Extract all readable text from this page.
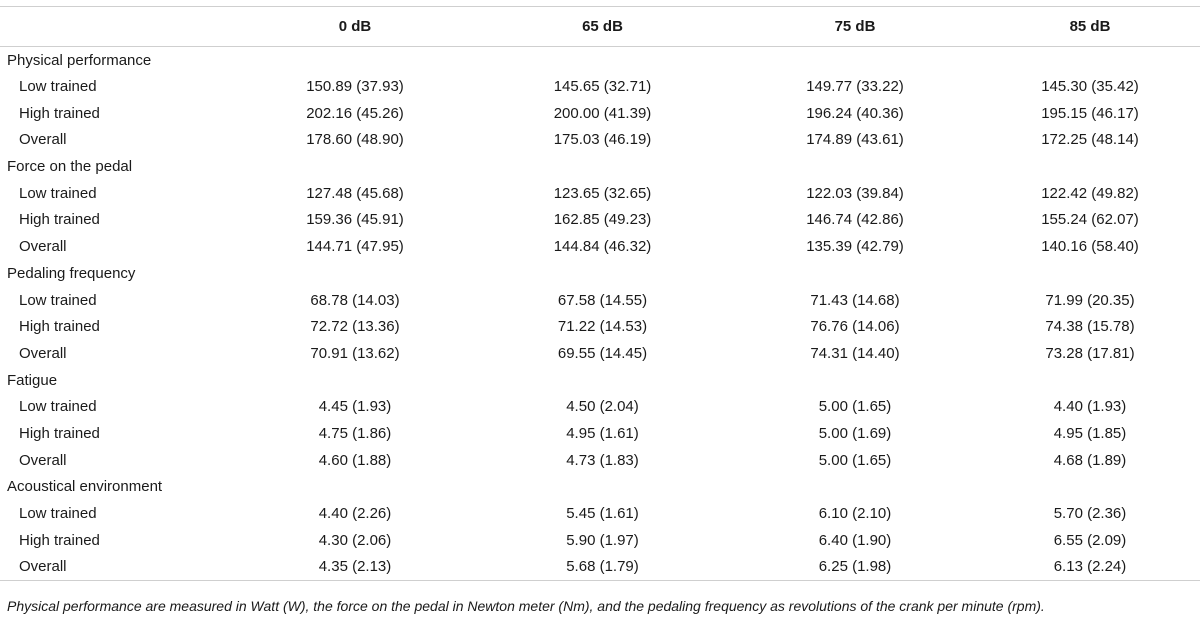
	0 dB	65 dB	75 dB	85 dB
Physical performance				
Low trained	150.89 (37.93)	145.65 (32.71)	149.77 (33.22)	145.30 (35.42)
High trained	202.16 (45.26)	200.00 (41.39)	196.24 (40.36)	195.15 (46.17)
Overall	178.60 (48.90)	175.03 (46.19)	174.89 (43.61)	172.25 (48.14)
Force on the pedal				
Low trained	127.48 (45.68)	123.65 (32.65)	122.03 (39.84)	122.42 (49.82)
High trained	159.36 (45.91)	162.85 (49.23)	146.74 (42.86)	155.24 (62.07)
Overall	144.71 (47.95)	144.84 (46.32)	135.39 (42.79)	140.16 (58.40)
Pedaling frequency				
Low trained	68.78 (14.03)	67.58 (14.55)	71.43 (14.68)	71.99 (20.35)
High trained	72.72 (13.36)	71.22 (14.53)	76.76 (14.06)	74.38 (15.78)
Overall	70.91 (13.62)	69.55 (14.45)	74.31 (14.40)	73.28 (17.81)
Fatigue				
Low trained	4.45 (1.93)	4.50 (2.04)	5.00 (1.65)	4.40 (1.93)
High trained	4.75 (1.86)	4.95 (1.61)	5.00 (1.69)	4.95 (1.85)
Overall	4.60 (1.88)	4.73 (1.83)	5.00 (1.65)	4.68 (1.89)
Acoustical environment				
Low trained	4.40 (2.26)	5.45 (1.61)	6.10 (2.10)	5.70 (2.36)
High trained	4.30 (2.06)	5.90 (1.97)	6.40 (1.90)	6.55 (2.09)
Overall	4.35 (2.13)	5.68 (1.79)	6.25 (1.98)	6.13 (2.24)
Physical performance are measured in Watt (W), the force on the pedal in Newton meter (Nm), and the pedaling frequency as revolutions of the crank per minute (rpm).
